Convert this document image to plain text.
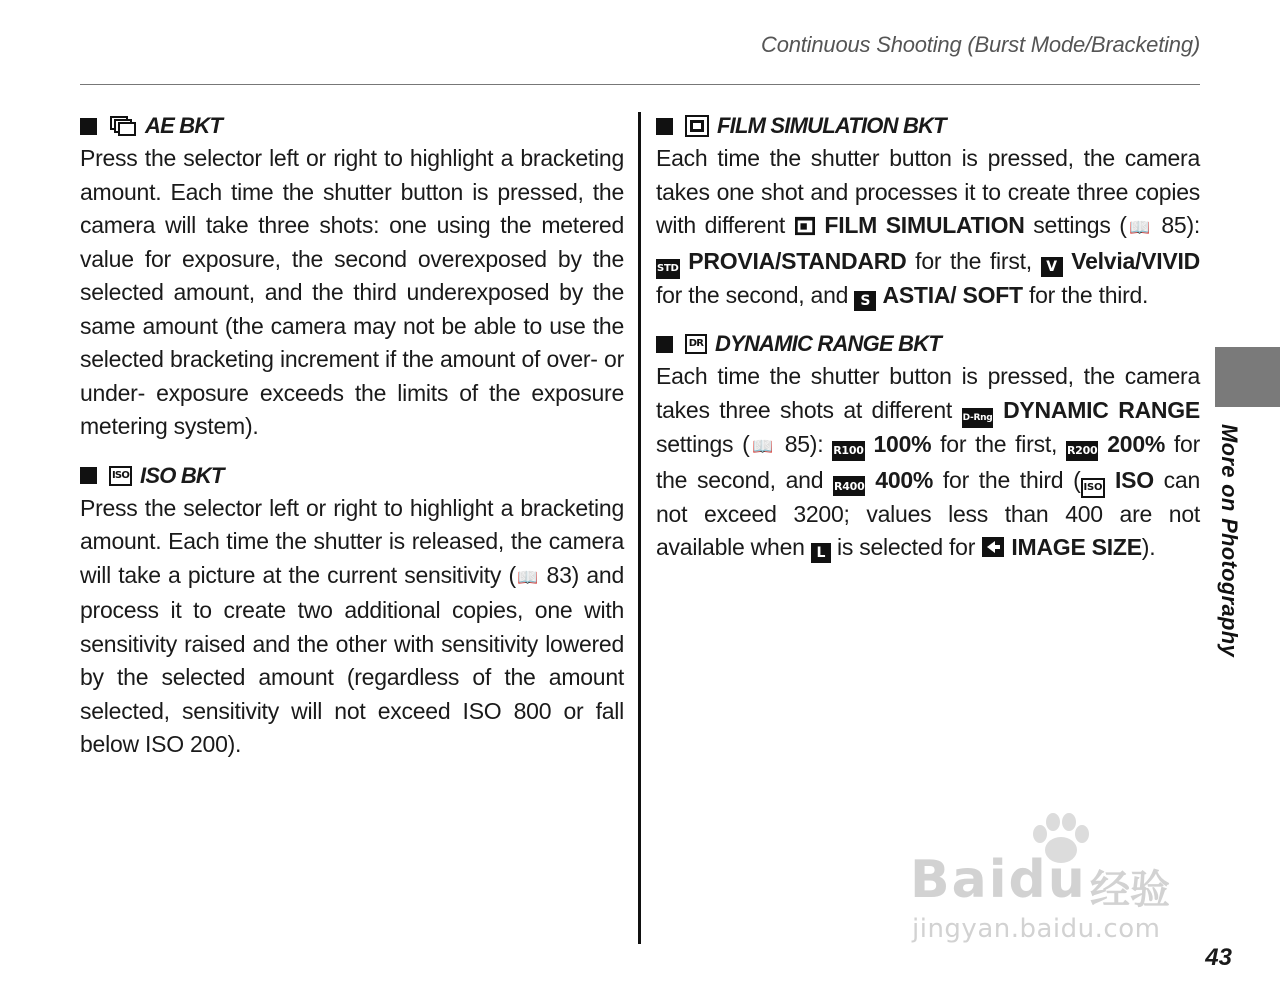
Continuous Shooting (Burst Mode/Bracketing)
AE BKT

Press the selector left or right to highlight a bracketing amount. Each time the shutter button is pressed, the camera will take three shots: one using the metered value for exposure, the second overexposed by the selected amount, and the third underexposed by the same amount (the camera may not be able to use the selected bracketing increment if the amount of over- or under- exposure exceeds the limits of the exposure metering system).

ISO ISO BKT

Press the selector left or right to highlight a bracketing amount. Each time the shutter is released, the camera will take a picture at the current sensitivity (📖 83) and process it to create two additional copies, one with sensitivity raised and the other with sensitivity lowered by the selected amount (regardless of the amount selected, sensitivity will not exceed ISO 800 or fall below ISO 200).

FILM SIMULATION BKT

Each time the shutter button is pressed, the camera takes one shot and processes it to create three copies with different  FILM SIMULATION settings (📖 85): STD PROVIA/STANDARD for the first, V Velvia/VIVID for the second, and S ASTIA/ SOFT for the third.

DR DYNAMIC RANGE BKT

Each time the shutter button is pressed, the camera takes three shots at different D-Rng DYNAMIC RANGE settings (📖 85): R100 100% for the first, R200 200% for the second, and R400 400% for the third ( ISO ISO can not exceed 3200; values less than 400 are not available when L is selected for  IMAGE SIZE).	More on Photography
43
Baidu 经验
jingyan.baidu.com
